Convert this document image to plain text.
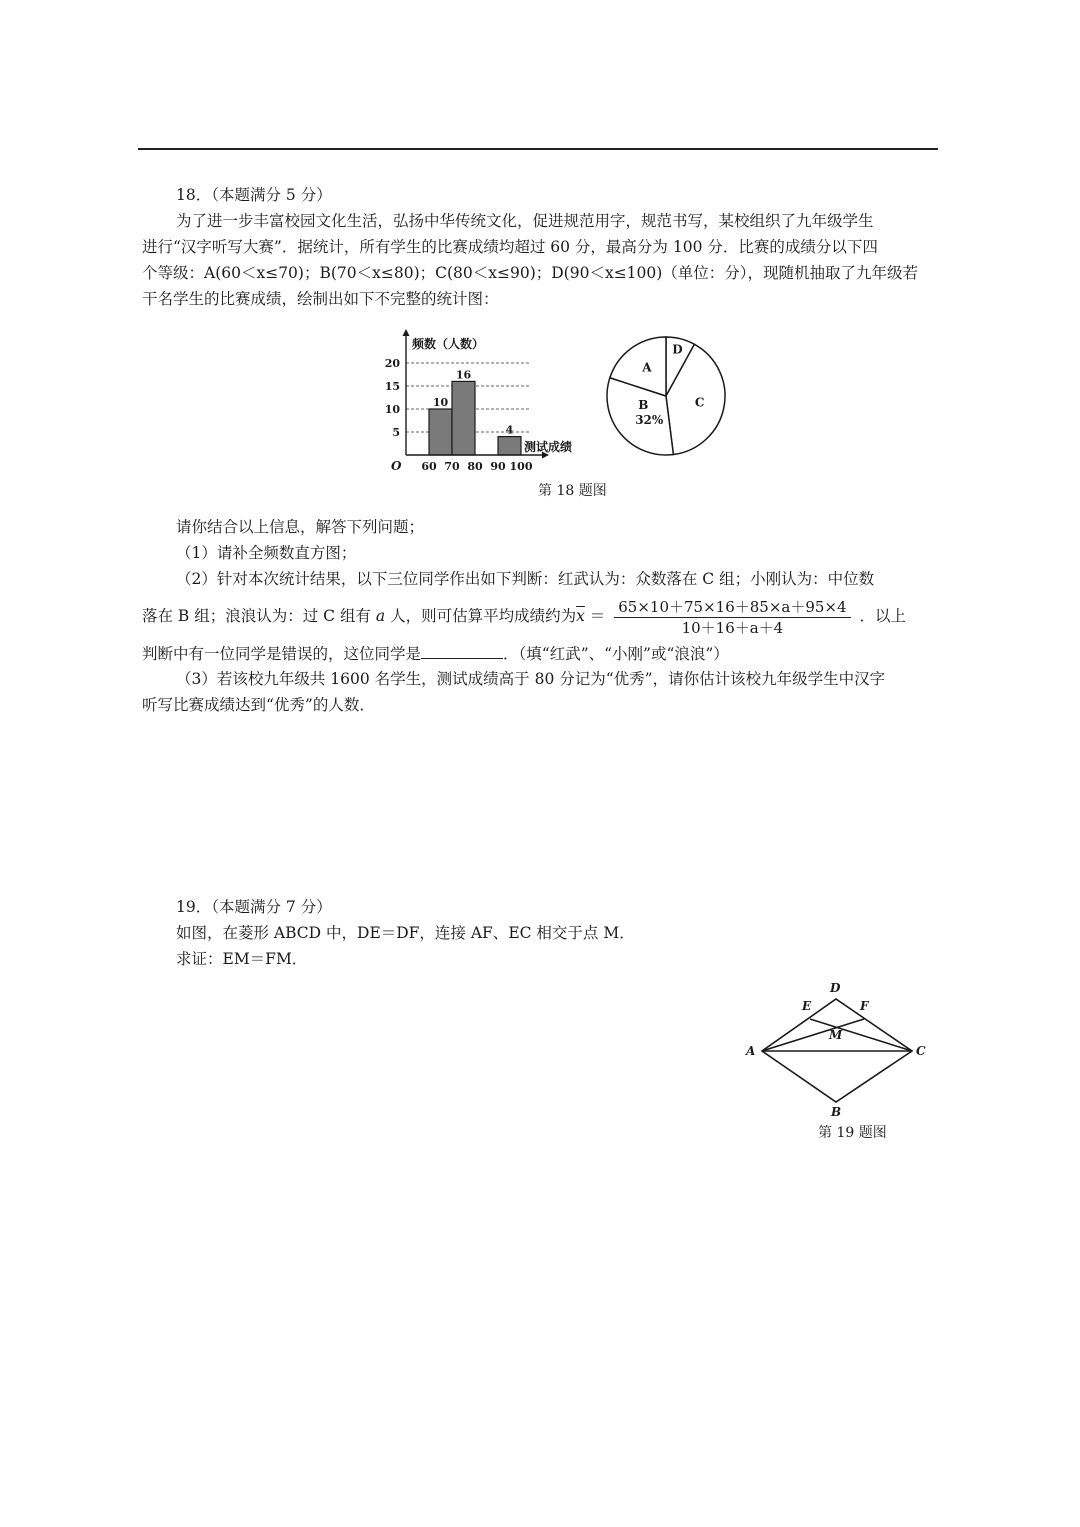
18．（本题满分 5 分）
为了进一步丰富校园文化生活，弘扬中华传统文化，促进规范用字，规范书写，某校组织了九年级学生
进行“汉字听写大赛”．据统计，所有学生的比赛成绩均超过 60 分，最高分为 100 分．比赛的成绩分以下四
个等级：A(60＜x≤70)；B(70＜x≤80)；C(80＜x≤90)；D(90＜x≤100)（单位：分），现随机抽取了九年级若
干名学生的比赛成绩，绘制出如下不完整的统计图：
5
10
15
20
10
16
4
60 70 80 90 100
O
频数（人数）
测试成绩
D
C
B
32%
A
第 18 题图
请你结合以上信息，解答下列问题；
（1）请补全频数直方图；
（2）针对本次统计结果，以下三位同学作出如下判断：红武认为：众数落在 C 组；小刚认为：中位数
落在 B 组；浪浪认为：过 C 组有 a 人，则可估算平均成绩约为$\overline{x} = \frac{65\times 10+75\times 16+85\times a+95\times 4}{10+16+a+4}$ ．以上
判断中有一位同学是错误的，这位同学是	．（填“红武”、“小刚”或“浪浪”）
（3）若该校九年级共 1600 名学生，测试成绩高于 80 分记为“优秀”，请你估计该校九年级学生中汉字
听写比赛成绩达到“优秀”的人数．
19．（本题满分 7 分）
如图，在菱形 ABCD 中，DE＝DF，连接 AF、EC 相交于点 M．
求证：EM＝FM．
D
E	F
M
A	C
B
第 19 题图
